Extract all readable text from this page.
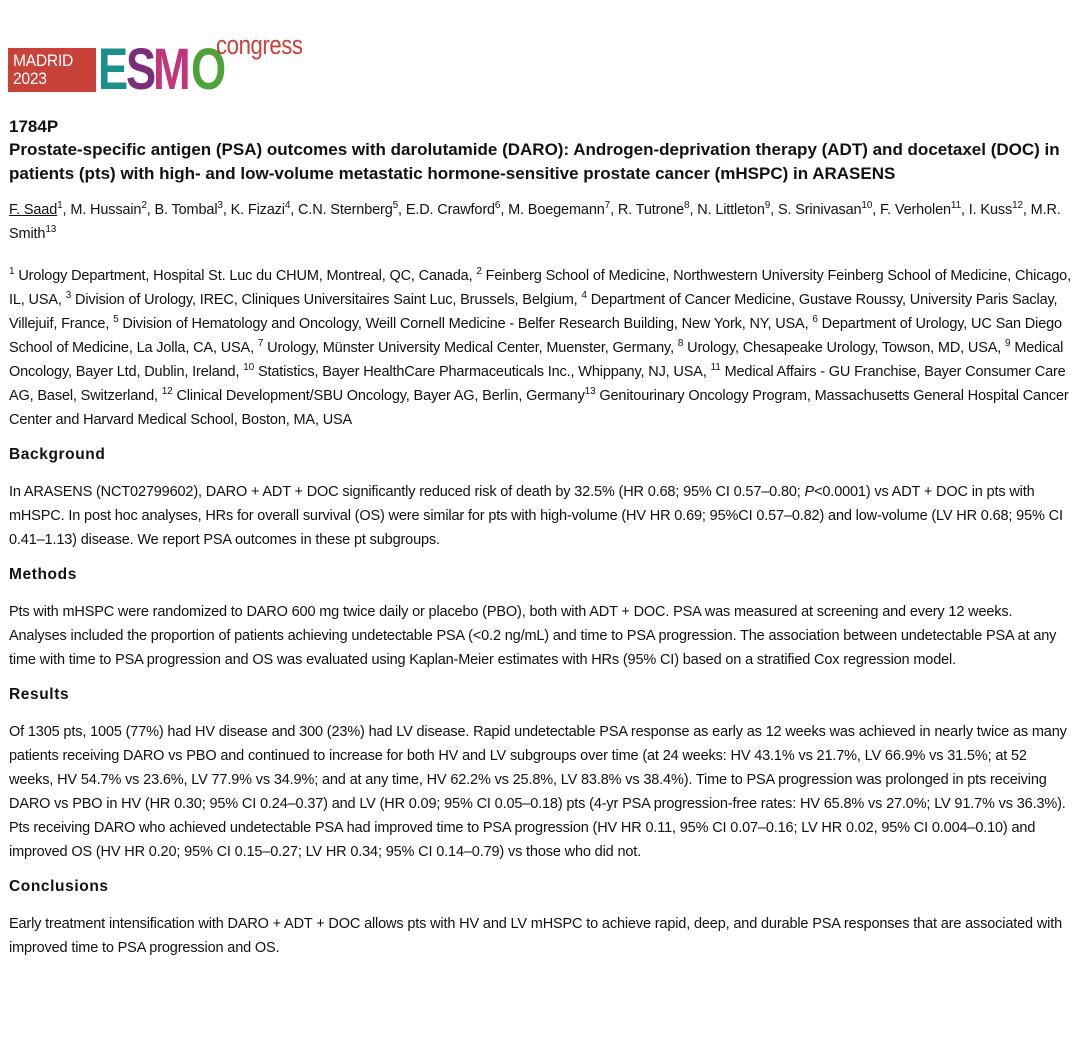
MADRID
2023 E
S
M O
congress

1784P

Prostate-specific antigen (PSA) outcomes with darolutamide (DARO): Androgen-deprivation therapy (ADT) and docetaxel (DOC) in patients (pts) with high- and low-volume metastatic hormone-sensitive prostate cancer (mHSPC) in ARASENS

F. Saad$^1$, M. Hussain$^2$, B. Tombal$^3$, K. Fizazi$^4$, C.N. Sternberg$^5$, E.D. Crawford$^6$, M. Boegemann$^7$, R. Tutrone$^8$, N. Littleton$^9$, S. Srinivasan$^{10}$, F. Verholen$^{11}$, I. Kuss$^{12}$, M.R. Smith$^{13}$

$^1$ Urology Department, Hospital St. Luc du CHUM, Montreal, QC, Canada, $^2$ Feinberg School of Medicine, Northwestern University Feinberg School of Medicine, Chicago, IL, USA, $^3$ Division of Urology, IREC, Cliniques Universitaires Saint Luc, Brussels, Belgium, $^4$ Department of Cancer Medicine, Gustave Roussy, University Paris Saclay, Villejuif, France, $^5$ Division of Hematology and Oncology, Weill Cornell Medicine - Belfer Research Building, New York, NY, USA, $^6$ Department of Urology, UC San Diego School of Medicine, La Jolla, CA, USA, $^7$ Urology, Münster University Medical Center, Muenster, Germany, $^8$ Urology, Chesapeake Urology, Towson, MD, USA, $^9$ Medical Oncology, Bayer Ltd, Dublin, Ireland, $^{10}$ Statistics, Bayer HealthCare Pharmaceuticals Inc., Whippany, NJ, USA, $^{11}$ Medical Affairs - GU Franchise, Bayer Consumer Care AG, Basel, Switzerland, $^{12}$ Clinical Development/SBU Oncology, Bayer AG, Berlin, Germany$^{13}$ Genitourinary Oncology Program, Massachusetts General Hospital Cancer Center and Harvard Medical School, Boston, MA, USA

Background

In ARASENS (NCT02799602), DARO + ADT + DOC significantly reduced risk of death by 32.5% (HR 0.68; 95% CI 0.57–0.80; P<0.0001) vs ADT + DOC in pts with mHSPC. In post hoc analyses, HRs for overall survival (OS) were similar for pts with high-volume (HV HR 0.69; 95%CI 0.57–0.82) and low-volume (LV HR 0.68; 95% CI 0.41–1.13) disease. We report PSA outcomes in these pt subgroups.

Methods

Pts with mHSPC were randomized to DARO 600 mg twice daily or placebo (PBO), both with ADT + DOC. PSA was measured at screening and every 12 weeks. Analyses included the proportion of patients achieving undetectable PSA (<0.2 ng/mL) and time to PSA progression. The association between undetectable PSA at any time with time to PSA progression and OS was evaluated using Kaplan-Meier estimates with HRs (95% CI) based on a stratified Cox regression model.

Results

Of 1305 pts, 1005 (77%) had HV disease and 300 (23%) had LV disease. Rapid undetectable PSA response as early as 12 weeks was achieved in nearly twice as many patients receiving DARO vs PBO and continued to increase for both HV and LV subgroups over time (at 24 weeks: HV 43.1% vs 21.7%, LV 66.9% vs 31.5%; at 52 weeks, HV 54.7% vs 23.6%, LV 77.9% vs 34.9%; and at any time, HV 62.2% vs 25.8%, LV 83.8% vs 38.4%). Time to PSA progression was prolonged in pts receiving DARO vs PBO in HV (HR 0.30; 95% CI 0.24–0.37) and LV (HR 0.09; 95% CI 0.05–0.18) pts (4-yr PSA progression-free rates: HV 65.8% vs 27.0%; LV 91.7% vs 36.3%). Pts receiving DARO who achieved undetectable PSA had improved time to PSA progression (HV HR 0.11, 95% CI 0.07–0.16; LV HR 0.02, 95% CI 0.004–0.10) and improved OS (HV HR 0.20; 95% CI 0.15–0.27; LV HR 0.34; 95% CI 0.14–0.79) vs those who did not.

Conclusions

Early treatment intensification with DARO + ADT + DOC allows pts with HV and LV mHSPC to achieve rapid, deep, and durable PSA responses that are associated with improved time to PSA progression and OS.
